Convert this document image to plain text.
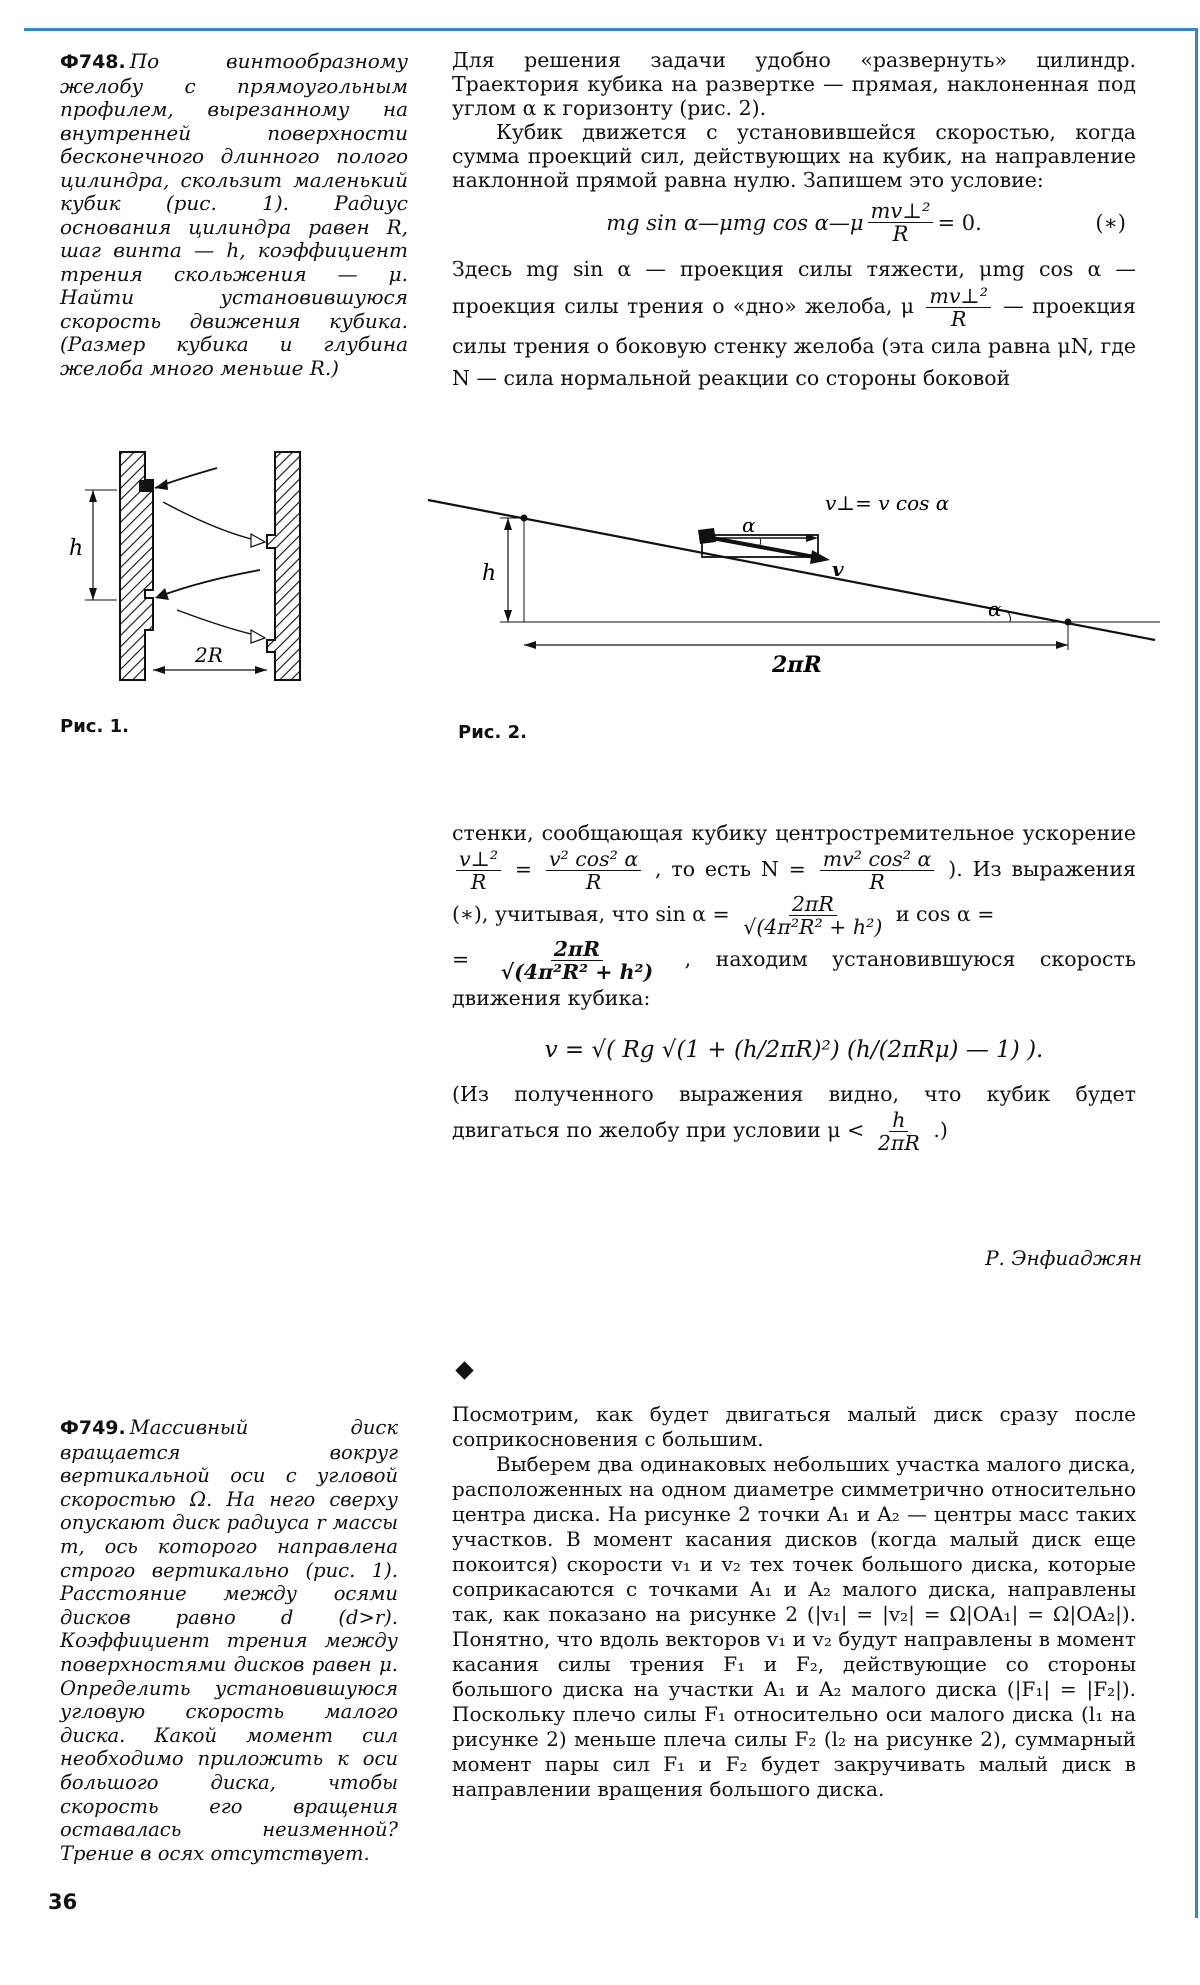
Ф748. По винтообразному желобу с прямоугольным профилем, вырезанному на внутренней поверхности бесконечного длинного полого цилиндра, скользит маленький кубик (рис. 1). Радиус основания цилиндра равен R, шаг винта — h, коэффициент трения скольжения — μ. Найти установившуюся скорость движения кубика. (Размер кубика и глубина желоба много меньше R.)

Для решения задачи удобно «развернуть» цилиндр. Траектория кубика на развертке — прямая, наклоненная под углом α к горизонту (рис. 2).

Кубик движется с установившейся скоростью, когда сумма проекций сил, действующих на кубик, на направление наклонной прямой равна нулю. Запишем это условие:

mg sin α—μmg cos α—μ $\frac{\text{mv⊥²}}{R} = 0$.	(∗)

Здесь mg sin α — проекция силы тяжести, μmg cos α — проекция силы трения о «дно» желоба, μ $\frac{\text{mv⊥²}}{R}$ — проекция силы трения о боковую стенку желоба (эта сила равна μN, где N — сила нормальной реакции со стороны боковой

h
2R
Рис. 1.
h
2πR
α
v⊥= v cos α
v
α
Рис. 2.

стенки, сообщающая кубику центростремительное ускорение
$\frac{\text{v⊥²}}{R} = \frac{\text{v² cos² α}}{R}$ , то есть $N = \frac{\text{mv² cos² α}}{R}$ ). Из выражения (∗), учитывая, что $\sin \alpha = \frac{2\pi R}{\text{√(4π²R² + h²)}}$ и cos α =

= $\frac{2\pi R}{\text{√(4π²R² + h²)}}$ , находим установившуюся скорость движения кубика:

v = √( Rg √(1 + (h/2πR)²) (h/(2πRμ) — 1) ).

(Из полученного выражения видно, что кубик будет двигаться по желобу при условии $\mu < \frac{h}{2\pi R}$ .)

Р. Энфиаджян
Ф749. Массивный диск вращается вокруг вертикальной оси с угловой скоростью Ω. На него сверху опускают диск радиуса r массы m, ось которого направлена строго вертикально (рис. 1). Расстояние между осями дисков равно d (d>r). Коэффициент трения между поверхностями дисков равен μ. Определить установившуюся угловую скорость малого диска. Какой момент сил необходимо приложить к оси большого диска, чтобы скорость его вращения оставалась неизменной? Трение в осях отсутствует.

Посмотрим, как будет двигаться малый диск сразу после соприкосновения с большим.

Выберем два одинаковых небольших участка малого диска, расположенных на одном диаметре симметрично относительно центра диска. На рисунке 2 точки A₁ и A₂ — центры масс таких участков. В момент касания дисков (когда малый диск еще покоится) скорости v₁ и v₂ тех точек большого диска, которые соприкасаются с точками A₁ и A₂ малого диска, направлены так, как показано на рисунке 2 (|v₁| = |v₂| = Ω|OA₁| = Ω|OA₂|). Понятно, что вдоль векторов v₁ и v₂ будут направлены в момент касания силы трения F₁ и F₂, действующие со стороны большого диска на участки A₁ и A₂ малого диска (|F₁| = |F₂|). Поскольку плечо силы F₁ относительно оси малого диска (l₁ на рисунке 2) меньше плеча силы F₂ (l₂ на рисунке 2), суммарный момент пары сил F₁ и F₂ будет закручивать малый диск в направлении вращения большого диска.

36
